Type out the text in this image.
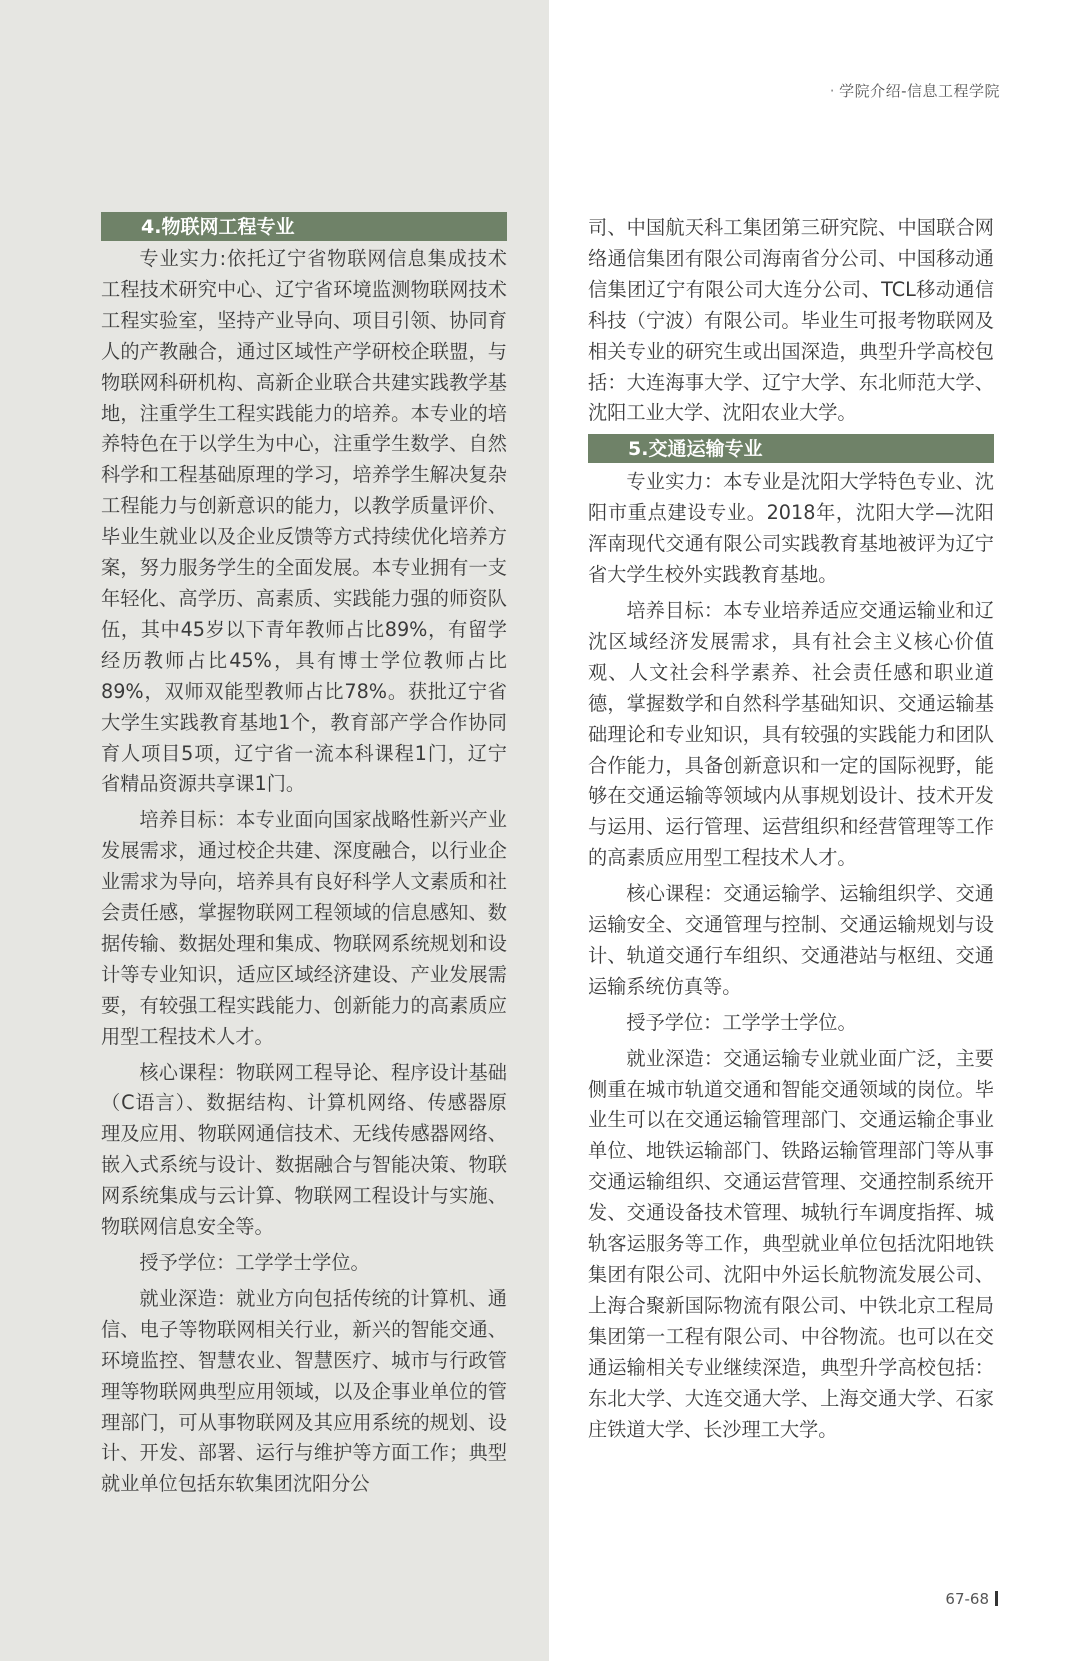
· 学院介绍-信息工程学院
4.物联网工程专业

专业实力:依托辽宁省物联网信息集成技术工程技术研究中心、辽宁省环境监测物联网技术工程实验室，坚持产业导向、项目引领、协同育人的产教融合，通过区域性产学研校企联盟，与物联网科研机构、高新企业联合共建实践教学基地，注重学生工程实践能力的培养。本专业的培养特色在于以学生为中心，注重学生数学、自然科学和工程基础原理的学习，培养学生解决复杂工程能力与创新意识的能力，以教学质量评价、毕业生就业以及企业反馈等方式持续优化培养方案，努力服务学生的全面发展。本专业拥有一支年轻化、高学历、高素质、实践能力强的师资队伍，其中45岁以下青年教师占比89%，有留学经历教师占比45%，具有博士学位教师占比89%，双师双能型教师占比78%。获批辽宁省大学生实践教育基地1个，教育部产学合作协同育人项目5项，辽宁省一流本科课程1门，辽宁省精品资源共享课1门。

培养目标：本专业面向国家战略性新兴产业发展需求，通过校企共建、深度融合，以行业企业需求为导向，培养具有良好科学人文素质和社会责任感，掌握物联网工程领域的信息感知、数据传输、数据处理和集成、物联网系统规划和设计等专业知识，适应区域经济建设、产业发展需要，有较强工程实践能力、创新能力的高素质应用型工程技术人才。

核心课程：物联网工程导论、程序设计基础（C语言）、数据结构、计算机网络、传感器原理及应用、物联网通信技术、无线传感器网络、嵌入式系统与设计、数据融合与智能决策、物联网系统集成与云计算、物联网工程设计与实施、物联网信息安全等。

授予学位：工学学士学位。

就业深造：就业方向包括传统的计算机、通信、电子等物联网相关行业，新兴的智能交通、环境监控、智慧农业、智慧医疗、城市与行政管理等物联网典型应用领域，以及企事业单位的管理部门，可从事物联网及其应用系统的规划、设计、开发、部署、运行与维护等方面工作；典型就业单位包括东软集团沈阳分公

司、中国航天科工集团第三研究院、中国联合网络通信集团有限公司海南省分公司、中国移动通信集团辽宁有限公司大连分公司、TCL移动通信科技（宁波）有限公司。毕业生可报考物联网及相关专业的研究生或出国深造，典型升学高校包括：大连海事大学、辽宁大学、东北师范大学、沈阳工业大学、沈阳农业大学。

5.交通运输专业

专业实力：本专业是沈阳大学特色专业、沈阳市重点建设专业。2018年，沈阳大学—沈阳浑南现代交通有限公司实践教育基地被评为辽宁省大学生校外实践教育基地。

培养目标：本专业培养适应交通运输业和辽沈区域经济发展需求，具有社会主义核心价值观、人文社会科学素养、社会责任感和职业道德，掌握数学和自然科学基础知识、交通运输基础理论和专业知识，具有较强的实践能力和团队合作能力，具备创新意识和一定的国际视野，能够在交通运输等领域内从事规划设计、技术开发与运用、运行管理、运营组织和经营管理等工作的高素质应用型工程技术人才。

核心课程：交通运输学、运输组织学、交通运输安全、交通管理与控制、交通运输规划与设计、轨道交通行车组织、交通港站与枢纽、交通运输系统仿真等。

授予学位：工学学士学位。

就业深造：交通运输专业就业面广泛，主要侧重在城市轨道交通和智能交通领域的岗位。毕业生可以在交通运输管理部门、交通运输企事业单位、地铁运输部门、铁路运输管理部门等从事交通运输组织、交通运营管理、交通控制系统开发、交通设备技术管理、城轨行车调度指挥、城轨客运服务等工作，典型就业单位包括沈阳地铁集团有限公司、沈阳中外运长航物流发展公司、上海合聚新国际物流有限公司、中铁北京工程局集团第一工程有限公司、中谷物流。也可以在交通运输相关专业继续深造，典型升学高校包括：东北大学、大连交通大学、上海交通大学、石家庄铁道大学、长沙理工大学。

67-68
